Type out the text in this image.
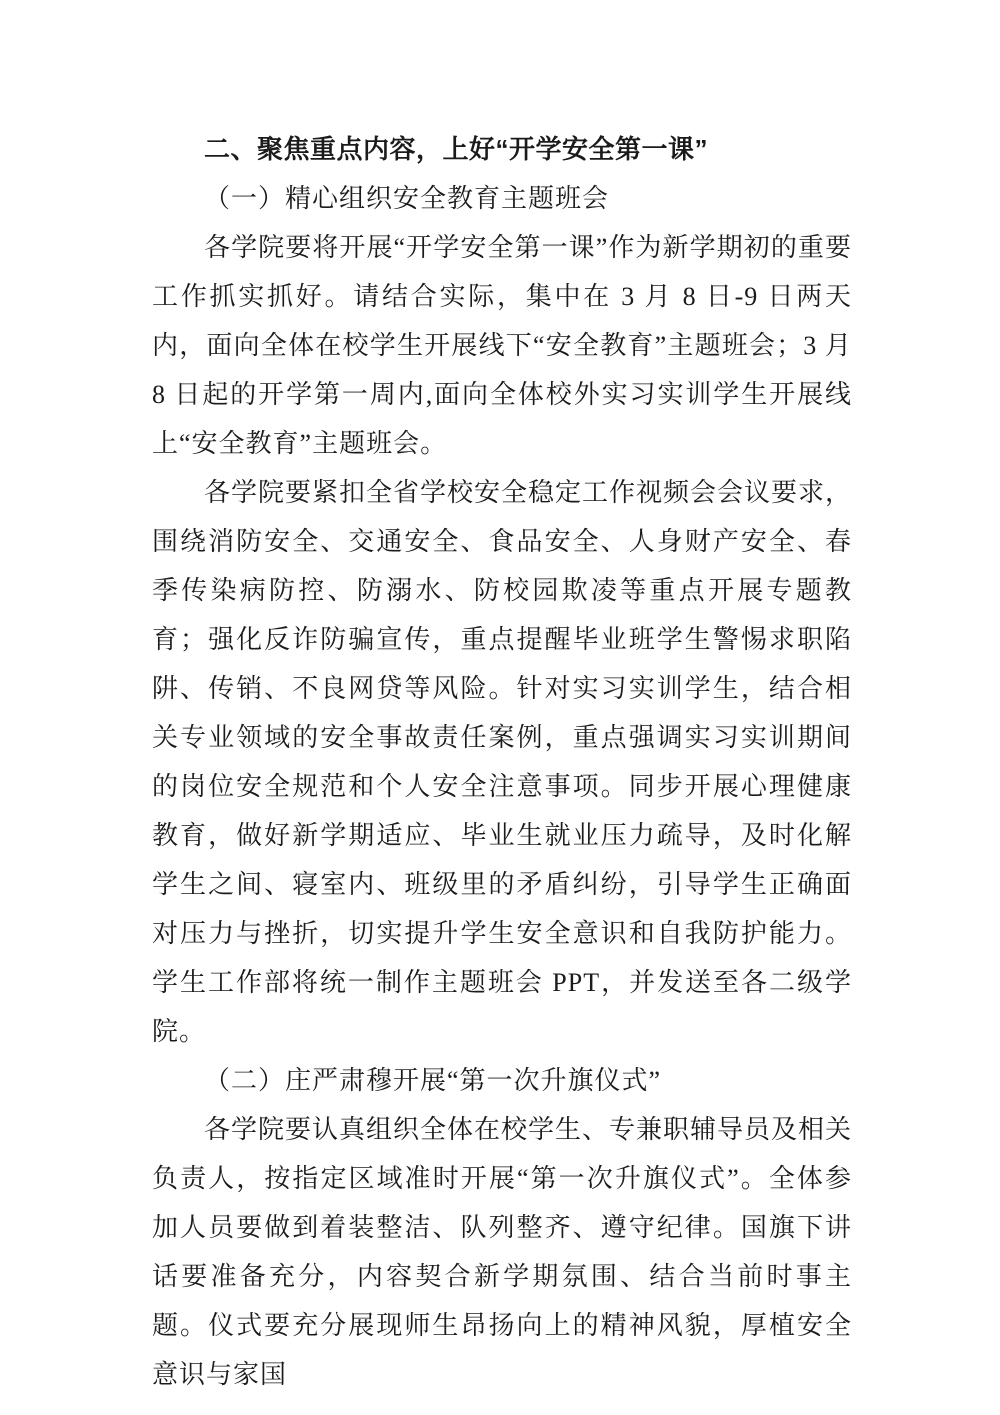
二、聚焦重点内容，上好“开学安全第一课”
（一）精心组织安全教育主题班会

各学院要将开展“开学安全第一课”作为新学期初的重要工作抓实抓好。请结合实际，集中在 3 月 8 日-9 日两天内，面向全体在校学生开展线下“安全教育”主题班会；3 月 8 日起的开学第一周内,面向全体校外实习实训学生开展线上“安全教育”主题班会。

各学院要紧扣全省学校安全稳定工作视频会会议要求，围绕消防安全、交通安全、食品安全、人身财产安全、春季传染病防控、防溺水、防校园欺凌等重点开展专题教育；强化反诈防骗宣传，重点提醒毕业班学生警惕求职陷阱、传销、不良网贷等风险。针对实习实训学生，结合相关专业领域的安全事故责任案例，重点强调实习实训期间的岗位安全规范和个人安全注意事项。同步开展心理健康教育，做好新学期适应、毕业生就业压力疏导，及时化解学生之间、寝室内、班级里的矛盾纠纷，引导学生正确面对压力与挫折，切实提升学生安全意识和自我防护能力。学生工作部将统一制作主题班会 PPT，并发送至各二级学院。

（二）庄严肃穆开展“第一次升旗仪式”

各学院要认真组织全体在校学生、专兼职辅导员及相关负责人，按指定区域准时开展“第一次升旗仪式”。全体参加人员要做到着装整洁、队列整齐、遵守纪律。国旗下讲话要准备充分，内容契合新学期氛围、结合当前时事主题。仪式要充分展现师生昂扬向上的精神风貌，厚植安全意识与家国
